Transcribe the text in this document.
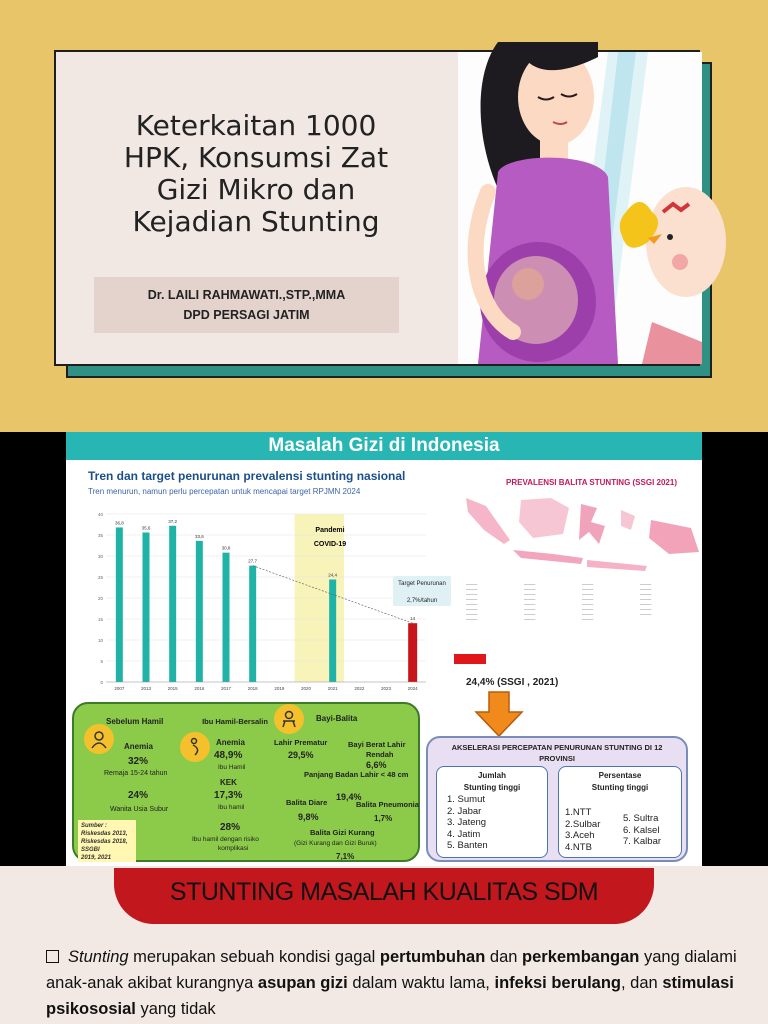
Keterkaitan 1000
HPK, Konsumsi Zat
Gizi Mikro dan
Kejadian Stunting
Dr. LAILI RAHMAWATI.,STP.,MMA
DPD PERSAGI JATIM
Masalah Gizi di Indonesia
Tren dan target penurunan prevalensi stunting nasional
Tren menurun, namun perlu percepatan untuk mencapai target RPJMN 2024
0
5
10
15
20
25
30
35
40
36,8
2007
35,6
2013
37,2
2015
33,6
2016
30,8
2017
27,7
2018	2019	2020
24,4
2021	2022	2023
14
2024
Pandemi
COVID-19
Target Penurunan
2,7%/tahun
PREVALENSI BALITA STUNTING (SSGI 2021)
────
────
────
────
────
────
────
────
────
────
────
────
────
────
────
────
────
────
────
────
────
────
────
────
────
────
────
────
────
────
────
24,4% (SSGI , 2021)
Sebelum Hamil
Anemia
32%
Remaja 15-24 tahun
24%
Wanita Usia Subur
Ibu Hamil-Bersalin
Anemia
48,9%
Ibu Hamil
KEK
17,3%
Ibu hamil
28%
Ibu hamil dengan risiko
komplikasi
Bayi-Balita
Lahir Prematur
29,5%
Bayi Berat Lahir
Rendah
6,6%
Panjang Badan Lahir < 48 cm
19,4%
Balita Diare
9,8%
Balita Pneumonia
1,7%
Balita Gizi Kurang
(Gizi Kurang dan Gizi Buruk)
7,1%
Sumber :
Riskesdas 2013,
Riskesdas 2018, SSGBI
2019, 2021
AKSELERASI PERCEPATAN PENURUNAN STUNTING DI 12
PROVINSI
Jumlah
Stunting tinggi
1. Sumut
2. Jabar
3. Jateng
4. Jatim
5. Banten
Persentase
Stunting tinggi
1.NTT
2.Sulbar
3.Aceh
4.NTB
5. Sultra
6. Kalsel
7. Kalbar
STUNTING MASALAH KUALITAS SDM

Stunting merupakan sebuah kondisi gagal pertumbuhan dan perkembangan yang dialami anak-anak akibat kurangnya asupan gizi dalam waktu lama, infeksi berulang, dan stimulasi psikososial yang tidak
